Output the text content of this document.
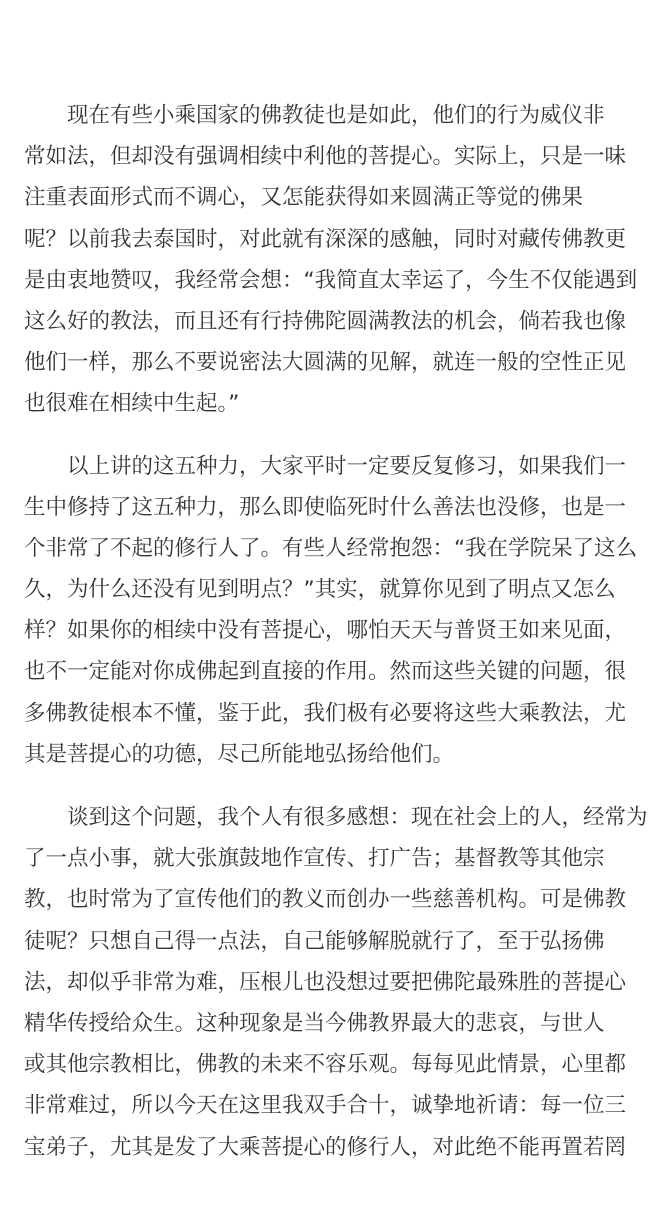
现在有些小乘国家的佛教徒也是如此，他们的行为威仪非
常如法，但却没有强调相续中利他的菩提心。实际上，只是一味
注重表面形式而不调心，又怎能获得如来圆满正等觉的佛果
呢？以前我去泰国时，对此就有深深的感触，同时对藏传佛教更
是由衷地赞叹，我经常会想：“我简直太幸运了，今生不仅能遇到
这么好的教法，而且还有行持佛陀圆满教法的机会，倘若我也像
他们一样，那么不要说密法大圆满的见解，就连一般的空性正见
也很难在相续中生起。”

以上讲的这五种力，大家平时一定要反复修习，如果我们一
生中修持了这五种力，那么即使临死时什么善法也没修，也是一
个非常了不起的修行人了。有些人经常抱怨：“我在学院呆了这么
久，为什么还没有见到明点？”其实，就算你见到了明点又怎么
样？如果你的相续中没有菩提心，哪怕天天与普贤王如来见面，
也不一定能对你成佛起到直接的作用。然而这些关键的问题，很
多佛教徒根本不懂，鉴于此，我们极有必要将这些大乘教法，尤
其是菩提心的功德，尽己所能地弘扬给他们。

谈到这个问题，我个人有很多感想：现在社会上的人，经常为
了一点小事，就大张旗鼓地作宣传、打广告；基督教等其他宗
教，也时常为了宣传他们的教义而创办一些慈善机构。可是佛教
徒呢？只想自己得一点法，自己能够解脱就行了，至于弘扬佛
法，却似乎非常为难，压根儿也没想过要把佛陀最殊胜的菩提心
精华传授给众生。这种现象是当今佛教界最大的悲哀，与世人
或其他宗教相比，佛教的未来不容乐观。每每见此情景，心里都
非常难过，所以今天在这里我双手合十，诚挚地祈请：每一位三
宝弟子，尤其是发了大乘菩提心的修行人，对此绝不能再置若罔
